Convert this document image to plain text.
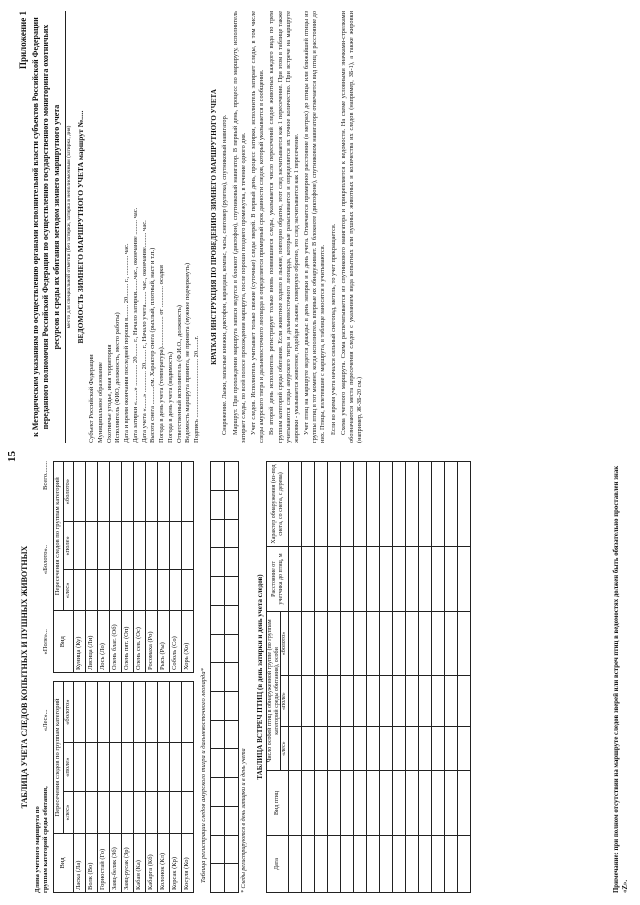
15
ТАБЛИЦА УЧЕТА СЛЕДОВ КОПЫТНЫХ И ПУШНЫХ ЖИВОТНЫХ
Длина учетного маршрута по группам категорий среды обитания,
«Лес»...
«Поле»...
«Болото»..
Всего........
Вид	Пересечения следов по группам категорий		
	«лес»	«поле»	«болото»
Ласка (Ла)			
Волк (Во)			
Горностай (Го)			
Заяц-беляк (Зб)			
Заяц-русак (Зр)			
Кабан (Ка)			
Кабарга (Кб)			
Колонок (Кл)			
Корсак (Кр)			
Косуля (Ко)			
Вид	Пересечения следов по группам категорий		
	«лес»	«поле»	«болото»
Куница (Ку)			
Лисица (Ли)			
Лось (Ло)			
Олень благ. (Об)			
Олень пят. (Оп)			
Олень сев. (Ос)			
Росомаха (Ро)			
Рысь (Ры)			
Соболь (Со)			
Хорь (Хо)			
Таблица регистрации следов амурского тигра и дальневосточного леопарда*

															* Следы регистрируются в день затирки и в день учета
ТАБЛИЦА ВСТРЕЧ ПТИЦ (в день затирки и день учета следов)
Дата	Вид птиц	Число особей птиц в обнаруженной группе (по группам категорий среды обитания), особи			Расстояние от учетчика до птиц, м	Характер обнаружения (из-под снега, со снега, с дерева)
		«лес»	«поле»	«болото»		

							Примечание: при полном отсутствии на маршруте следов зверей или встреч птиц в ведомостях должен быть обязательно проставлен знак «Z».
Приложение 1 к Методическим указаниям по осуществлению органами исполнительной власти субъектов Российской Федерации переданного полномочия Российской Федерации по осуществлению государственного мониторинга охотничьих ресурсов и среды их обитания методом зимнего маршрутного учета место для специальной отметки (без затирки, затирка в неполномочным (затирка, дня) ВЕДОМОСТЬ ЗИМНЕГО МАРШРУТНОГО УЧЕТА маршрут №.....
Субъект Российской Федерации Муниципальное образование Охотничье угодье, иная территория Исполнитель (ФИО, должность, место работы) Дата и время окончания последней пороши в........ 20........ г., ............ час. Дата затирки «.......» ............. 20........ г., Начало затирки........час., окончание ......... час. Дата учета «.......» ............. 20........ г., Начало учета........ час., окончание......... час. Высота снега ...........см. Характер снега (рыхлый, плотный, наст и т.п.) Погода в день учета (температура)................... от ............. осадки Погода в день учета (видимость) Ответственный исполнитель (Ф.И.О., должность) Ведомость маршрута принята, не принята (нужное подчеркнуть) Подпись .................................... 20.......г.
КРАТКАЯ ИНСТРУКЦИЯ ПО ПРОВЕДЕНИЮ ЗИМНЕГО МАРШРУТНОГО УЧЕТА Снаряжение. Лыжи, запасные книжки, диктофон, карандаш, компас, часы, снегомер (рулетка), спутниковый навигатор. Маршрут. При прохождении маршрута записи ведутся в блокнот (диктофон), спутниковый навигатор. В первый день, процесс по маршруту, исполнитель затирает следы, по всей полосе прохождения маршрута, после пороши позднего промежутка, в течение одного дня. Учет следов. Исполнитель учитывает только свежие (суточные) следы зверей. В первый день, процесс затирки, исполнитель затирает следы, в том числе следы амурского тигра и дальневосточного леопарда и определяется примерный срок давности следов, который указывается в сообщении. Во второй день исполнитель регистрирует только вновь появившиеся следы, указывается число пересечений следов животных каждого вида по трем группам категорий среды обитания. Если животное ходило в лыжне, повторно обратно, этот след засчитывается как 1 пересечение. При этом в таблице также учитываются следы амурского тигра и дальневосточного леопарда, которые разыскивается и определяется их точное количество. При встрече на маршруте жировки - указывается животное, подойди к лыжне, повернуло обратно, это след засчитывается как 1 пересечение. Учет птиц на маршруте ведется дважды: в день затирки и в день учета. Отмечается примерное расстояние (в метрах) до птицы или ближайшей птицы из группы птиц в тот момент, когда исполнитель впервые их обнаруживает. В блокноте (диктофоне), спутниковом навигаторе отмечается вид птиц и расстояние до них. Птицы, взлетевшие с маршрута, в таблице заносятся и учитываются. Если во время учета начался сильный снегопад, метель, то учет прекращается. Схема учетного маршрута. Схема распечатывается из спутникового навигатора и прикрепляется к ведомости. На схеме условными значками-стрелками обозначаются места пересечения следов с указанием вида копытных или пушных животных и количества их следов (например, ЗБ-1), а также жировки (например, Ж-ЗБ-20 см.)
